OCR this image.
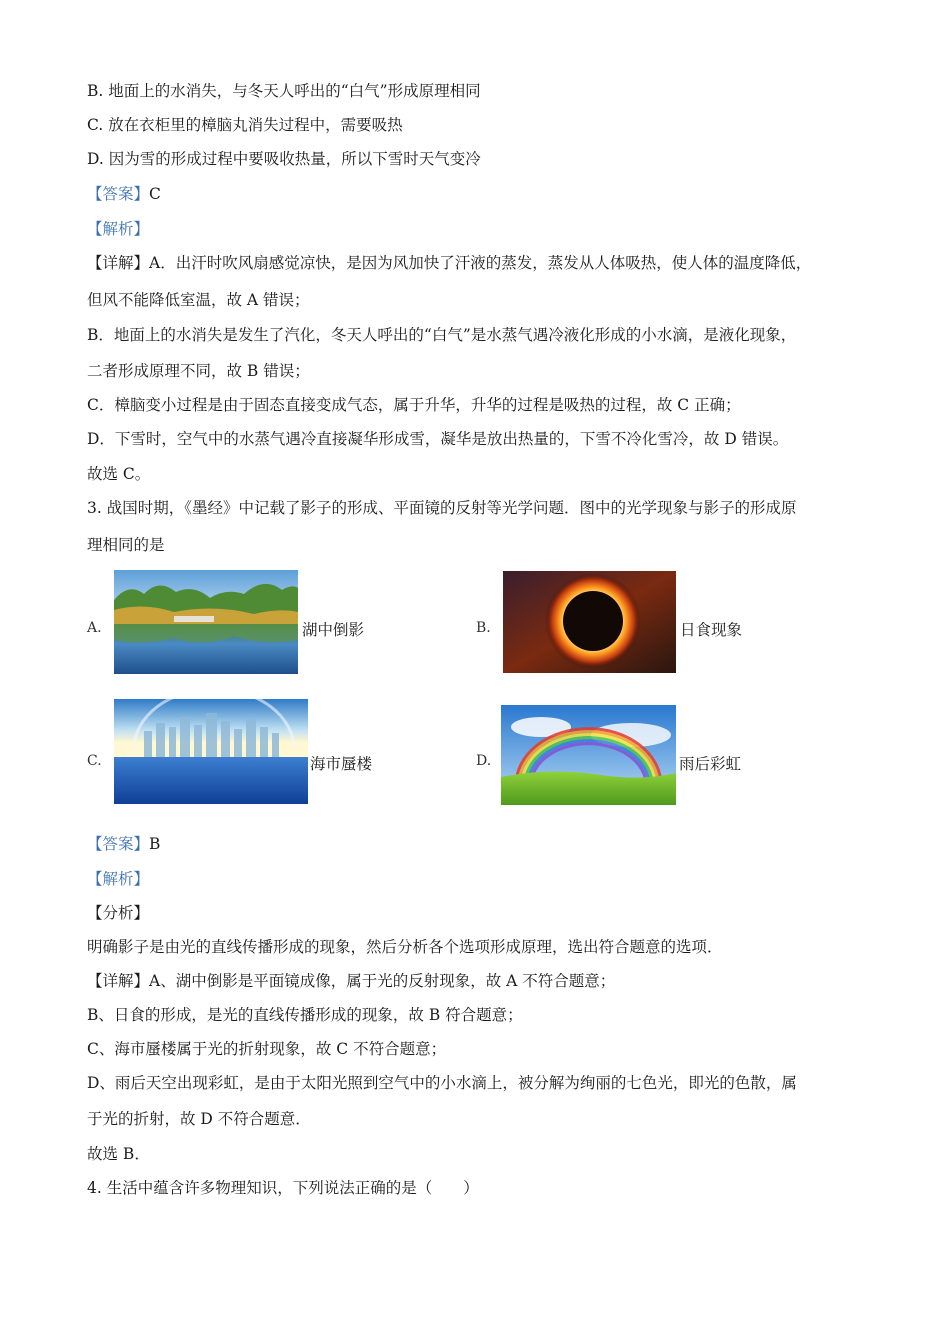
B. 地面上的水消失，与冬天人呼出的“白气”形成原理相同
C. 放在衣柜里的樟脑丸消失过程中，需要吸热
D. 因为雪的形成过程中要吸收热量，所以下雪时天气变冷
【答案】C
【解析】
【详解】A．出汗时吹风扇感觉凉快，是因为风加快了汗液的蒸发，蒸发从人体吸热，使人体的温度降低，
但风不能降低室温，故 A 错误；
B．地面上的水消失是发生了汽化，冬天人呼出的“白气”是水蒸气遇冷液化形成的小水滴，是液化现象，
二者形成原理不同，故 B 错误；
C．樟脑变小过程是由于固态直接变成气态，属于升华，升华的过程是吸热的过程，故 C 正确；
D．下雪时，空气中的水蒸气遇冷直接凝华形成雪，凝华是放出热量的，下雪不冷化雪冷，故 D 错误。
故选 C。
3. 战国时期，《墨经》中记载了影子的形成、平面镜的反射等光学问题．图中的光学现象与影子的形成原
理相同的是
A.	湖中倒影	B.	日食现象
C.	海市蜃楼	D.	雨后彩虹
【答案】B
【解析】
【分析】
明确影子是由光的直线传播形成的现象，然后分析各个选项形成原理，选出符合题意的选项．
【详解】A、湖中倒影是平面镜成像，属于光的反射现象，故 A 不符合题意；
B、日食的形成，是光的直线传播形成的现象，故 B 符合题意；
C、海市蜃楼属于光的折射现象，故 C 不符合题意；
D、雨后天空出现彩虹，是由于太阳光照到空气中的小水滴上，被分解为绚丽的七色光，即光的色散，属
于光的折射，故 D 不符合题意．
故选 B．
4. 生活中蕴含许多物理知识，下列说法正确的是（　　）
